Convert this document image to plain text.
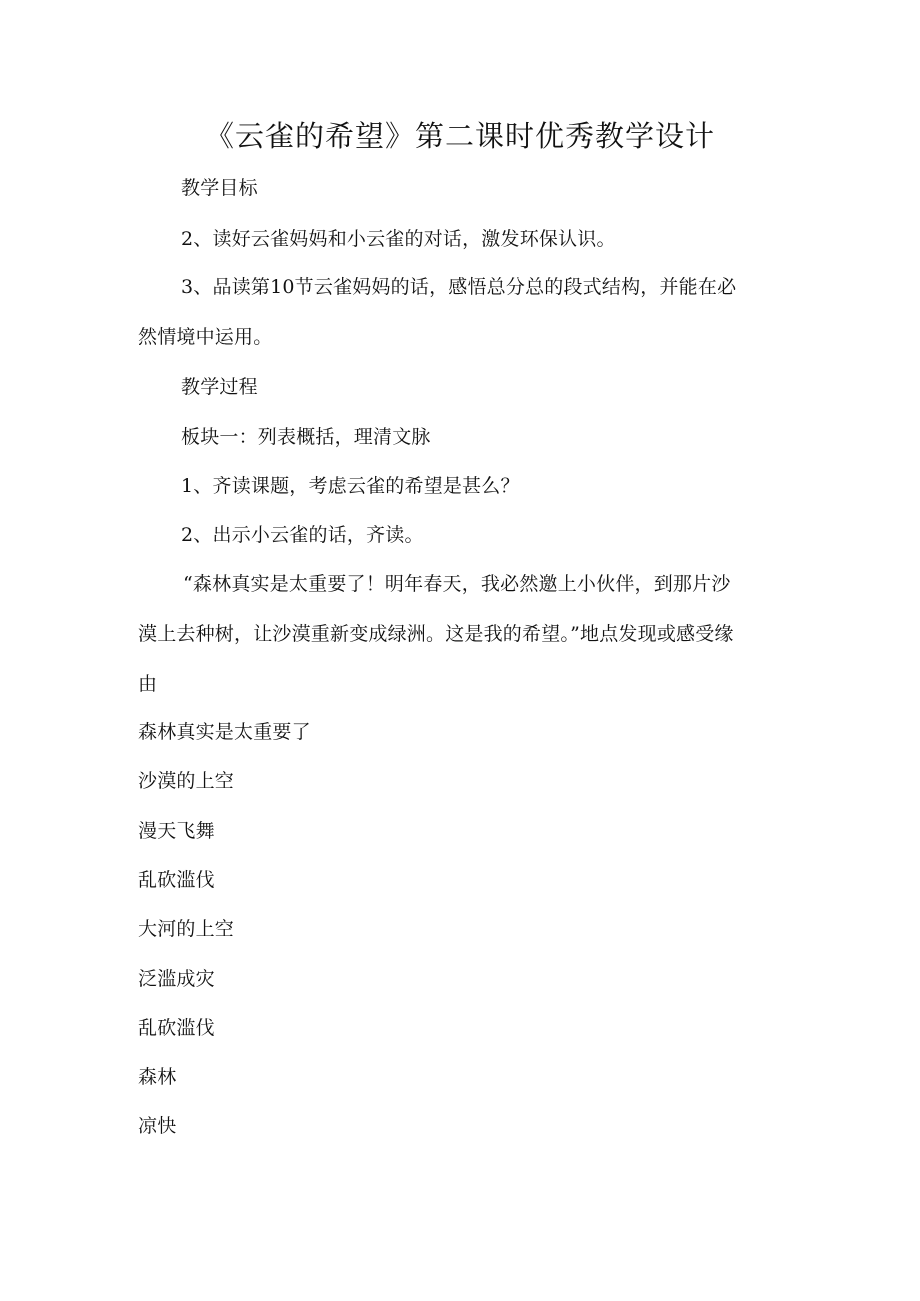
《云雀的希望》第二课时优秀教学设计
教学目标
2、读好云雀妈妈和小云雀的对话，激发环保认识。
3、品读第10节云雀妈妈的话，感悟总分总的段式结构，并能在必
然情境中运用。
教学过程
板块一：列表概括，理清文脉
1、齐读课题，考虑云雀的希望是甚么？
2、出示小云雀的话，齐读。
“森林真实是太重要了！明年春天，我必然邀上小伙伴，到那片沙
漠上去种树，让沙漠重新变成绿洲。这是我的希望。”地点发现或感受缘
由
森林真实是太重要了
沙漠的上空
漫天飞舞
乱砍滥伐
大河的上空
泛滥成灾
乱砍滥伐
森林
凉快
